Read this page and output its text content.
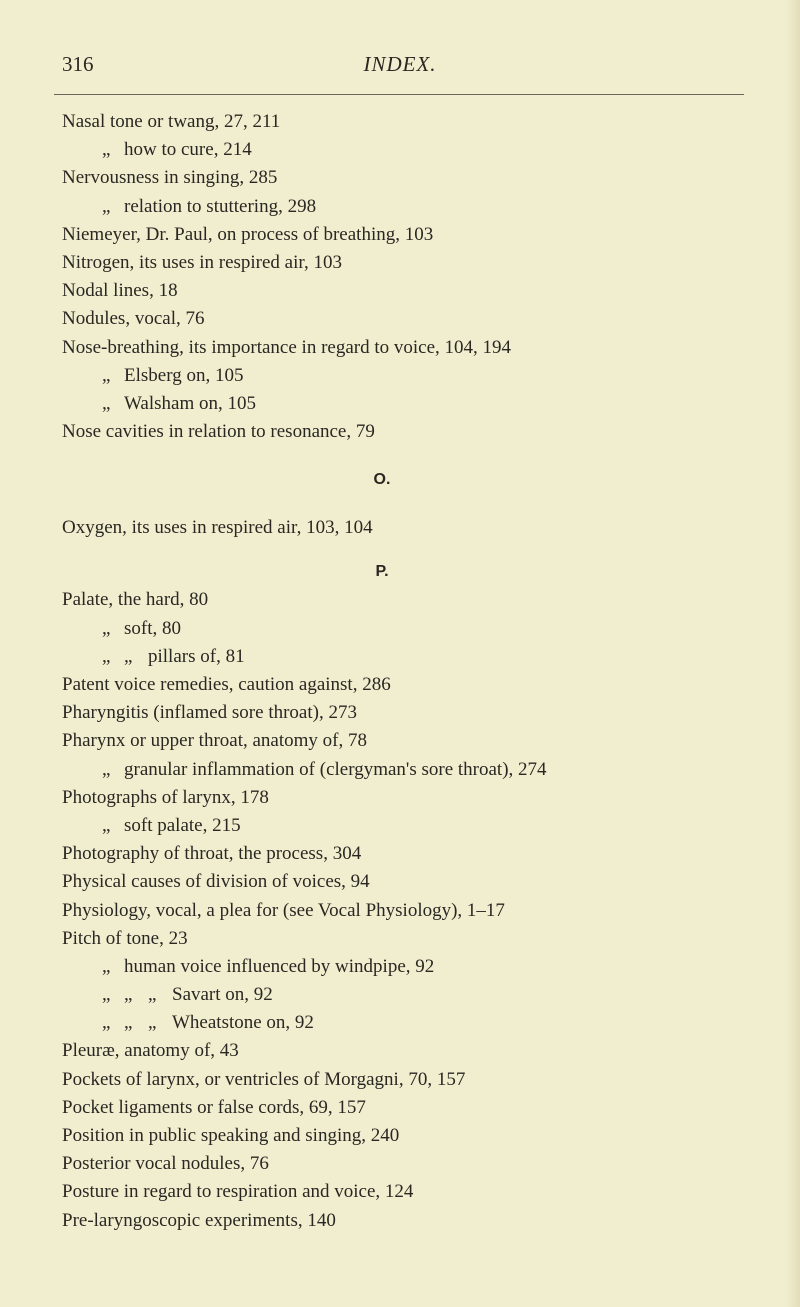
316	INDEX.
Nasal tone or twang, 27, 211
„ how to cure, 214
Nervousness in singing, 285
„ relation to stuttering, 298
Niemeyer, Dr. Paul, on process of breathing, 103
Nitrogen, its uses in respired air, 103
Nodal lines, 18
Nodules, vocal, 76
Nose-breathing, its importance in regard to voice, 104, 194
„ Elsberg on, 105
„ Walsham on, 105
Nose cavities in relation to resonance, 79
O.
Oxygen, its uses in respired air, 103, 104
P.
Palate, the hard, 80
„ soft, 80
„ „ pillars of, 81
Patent voice remedies, caution against, 286
Pharyngitis (inflamed sore throat), 273
Pharynx or upper throat, anatomy of, 78
„ granular inflammation of (clergyman's sore throat), 274
Photographs of larynx, 178
„ soft palate, 215
Photography of throat, the process, 304
Physical causes of division of voices, 94
Physiology, vocal, a plea for (see Vocal Physiology), 1–17
Pitch of tone, 23
„ human voice influenced by windpipe, 92
„ „ „ Savart on, 92
„ „ „ Wheatstone on, 92
Pleuræ, anatomy of, 43
Pockets of larynx, or ventricles of Morgagni, 70, 157
Pocket ligaments or false cords, 69, 157
Position in public speaking and singing, 240
Posterior vocal nodules, 76
Posture in regard to respiration and voice, 124
Pre-laryngoscopic experiments, 140
